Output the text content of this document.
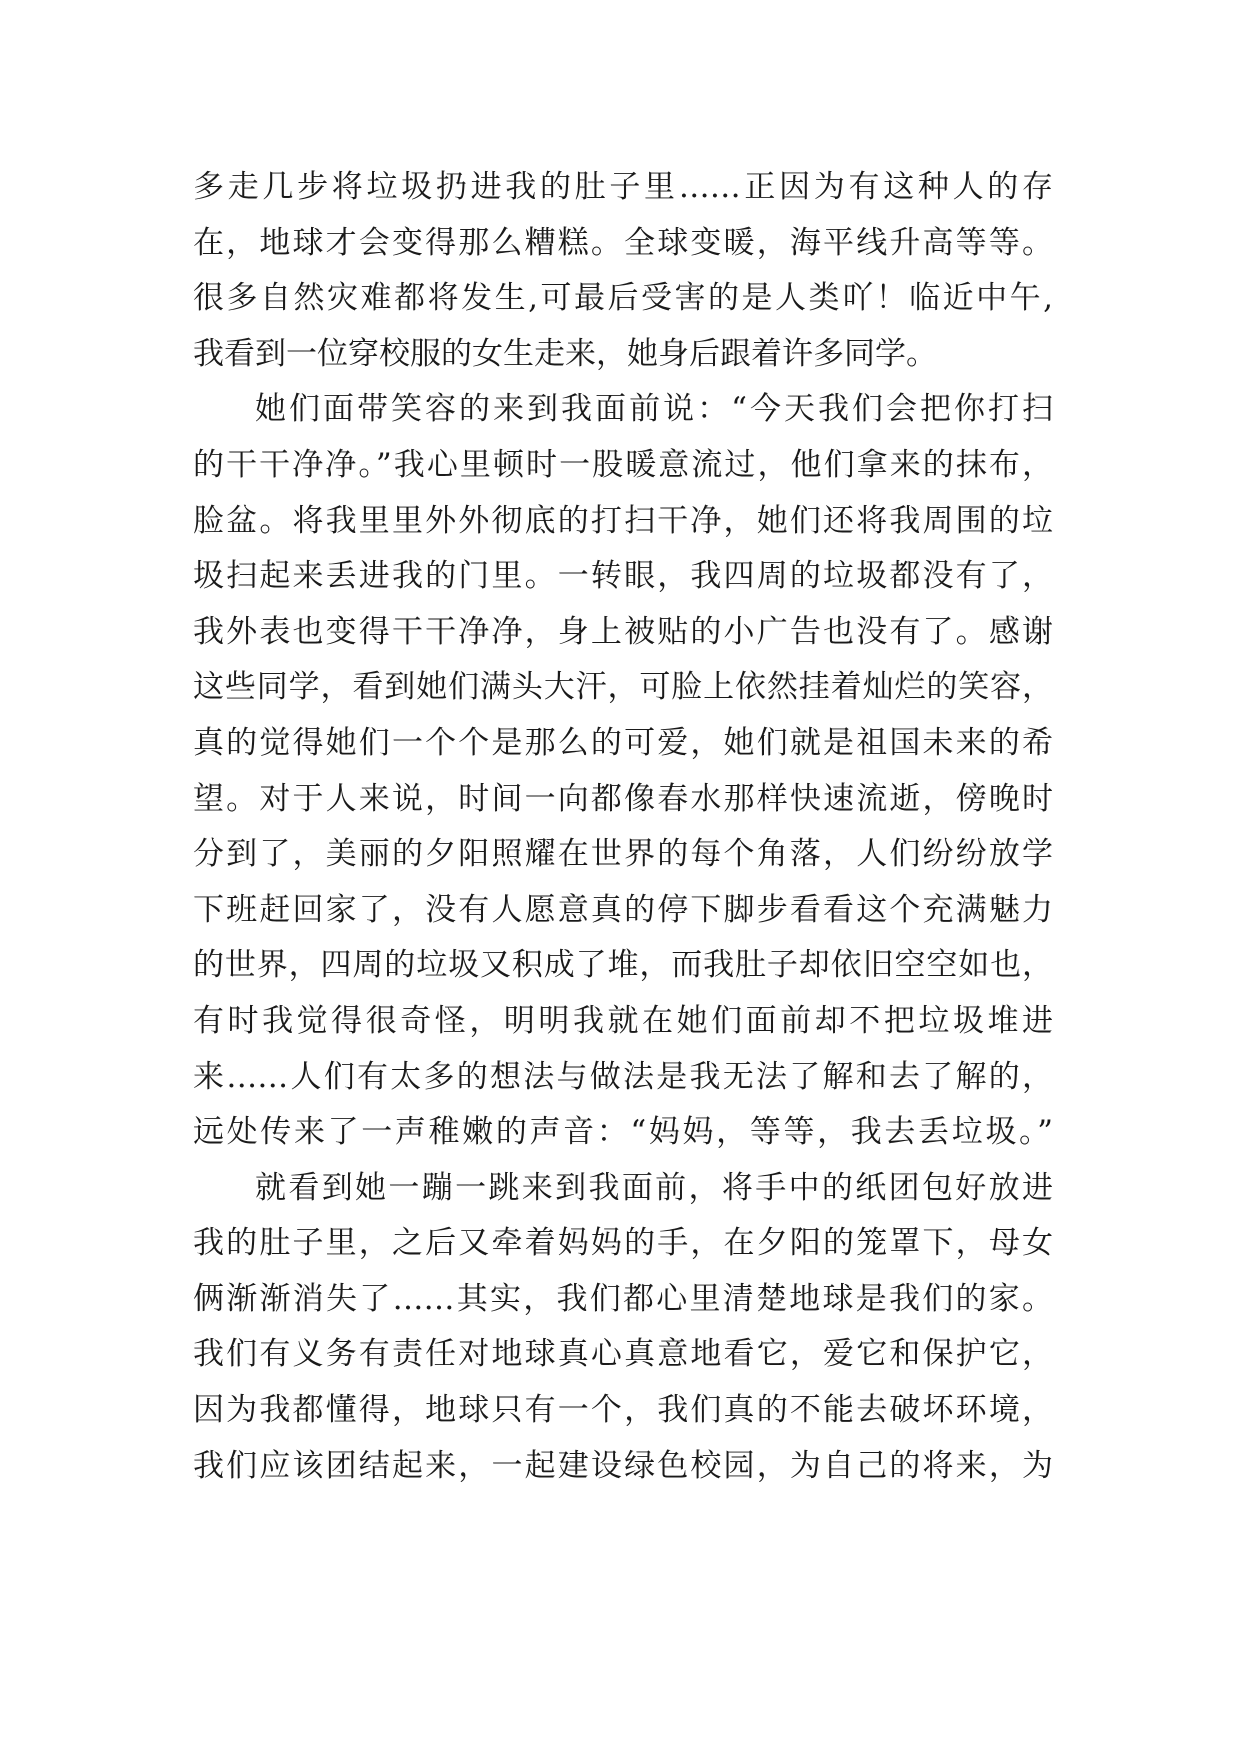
多走几步将垃圾扔进我的肚子里……正因为有这种人的存
在，地球才会变得那么糟糕。全球变暖，海平线升高等等。
很多自然灾难都将发生,可最后受害的是人类吖！临近中午,
我看到一位穿校服的女生走来，她身后跟着许多同学。
她们面带笑容的来到我面前说：“今天我们会把你打扫
的干干净净。”我心里顿时一股暖意流过，他们拿来的抹布，
脸盆。将我里里外外彻底的打扫干净，她们还将我周围的垃
圾扫起来丢进我的门里。一转眼，我四周的垃圾都没有了，
我外表也变得干干净净，身上被贴的小广告也没有了。感谢
这些同学，看到她们满头大汗，可脸上依然挂着灿烂的笑容，
真的觉得她们一个个是那么的可爱，她们就是祖国未来的希
望。对于人来说，时间一向都像春水那样快速流逝，傍晚时
分到了，美丽的夕阳照耀在世界的每个角落，人们纷纷放学
下班赶回家了，没有人愿意真的停下脚步看看这个充满魅力
的世界，四周的垃圾又积成了堆，而我肚子却依旧空空如也，
有时我觉得很奇怪，明明我就在她们面前却不把垃圾堆进
来……人们有太多的想法与做法是我无法了解和去了解的，
远处传来了一声稚嫩的声音：“妈妈，等等，我去丢垃圾。”
就看到她一蹦一跳来到我面前，将手中的纸团包好放进
我的肚子里，之后又牵着妈妈的手，在夕阳的笼罩下，母女
俩渐渐消失了……其实，我们都心里清楚地球是我们的家。
我们有义务有责任对地球真心真意地看它，爱它和保护它，
因为我都懂得，地球只有一个，我们真的不能去破坏环境，
我们应该团结起来，一起建设绿色校园，为自己的将来，为
